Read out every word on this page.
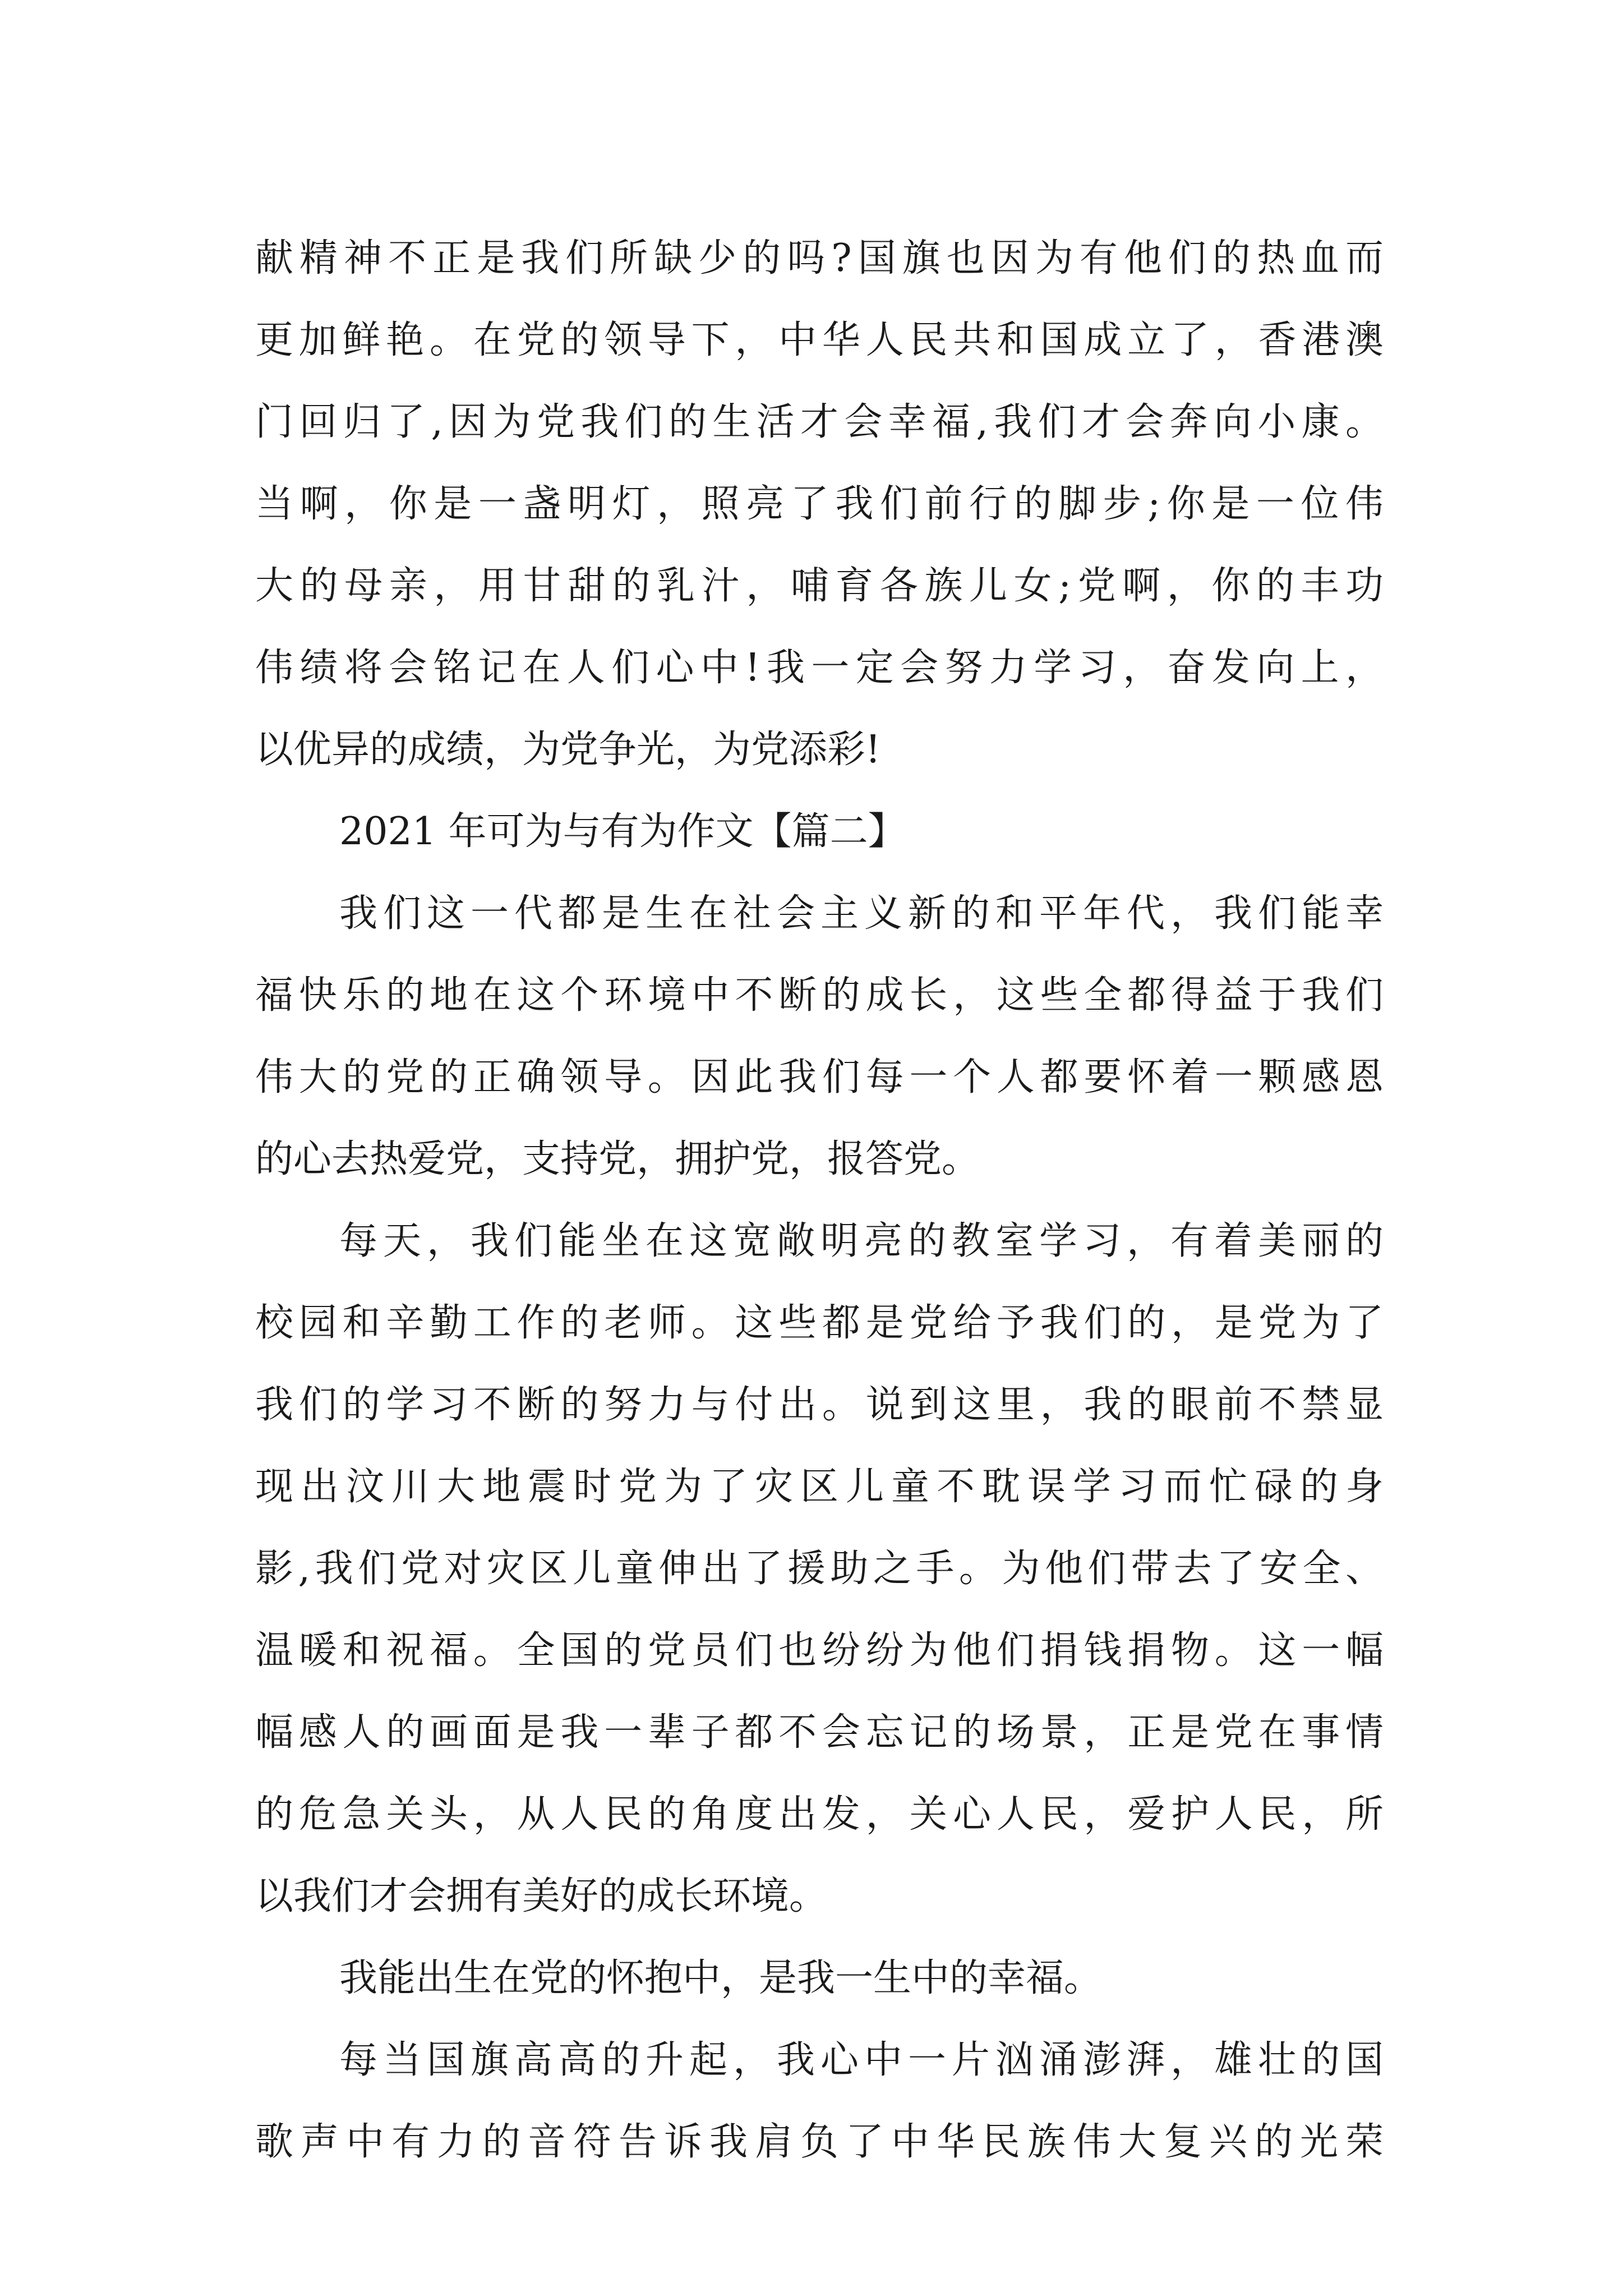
献精神不正是我们所缺少的吗?国旗也因为有他们的热血而
更加鲜艳。在党的领导下，中华人民共和国成立了，香港澳
门回归了,因为党我们的生活才会幸福,我们才会奔向小康。
当啊，你是一盏明灯，照亮了我们前行的脚步;你是一位伟
大的母亲，用甘甜的乳汁，哺育各族儿女;党啊，你的丰功
伟绩将会铭记在人们心中!我一定会努力学习，奋发向上，
以优异的成绩，为党争光，为党添彩!
2021 年可为与有为作文【篇二】
我们这一代都是生在社会主义新的和平年代，我们能幸
福快乐的地在这个环境中不断的成长，这些全都得益于我们
伟大的党的正确领导。因此我们每一个人都要怀着一颗感恩
的心去热爱党，支持党，拥护党，报答党。
每天，我们能坐在这宽敞明亮的教室学习，有着美丽的
校园和辛勤工作的老师。这些都是党给予我们的，是党为了
我们的学习不断的努力与付出。说到这里，我的眼前不禁显
现出汶川大地震时党为了灾区儿童不耽误学习而忙碌的身
影,我们党对灾区儿童伸出了援助之手。为他们带去了安全、
温暖和祝福。全国的党员们也纷纷为他们捐钱捐物。这一幅
幅感人的画面是我一辈子都不会忘记的场景，正是党在事情
的危急关头，从人民的角度出发，关心人民，爱护人民，所
以我们才会拥有美好的成长环境。
我能出生在党的怀抱中，是我一生中的幸福。
每当国旗高高的升起，我心中一片汹涌澎湃，雄壮的国
歌声中有力的音符告诉我肩负了中华民族伟大复兴的光荣
